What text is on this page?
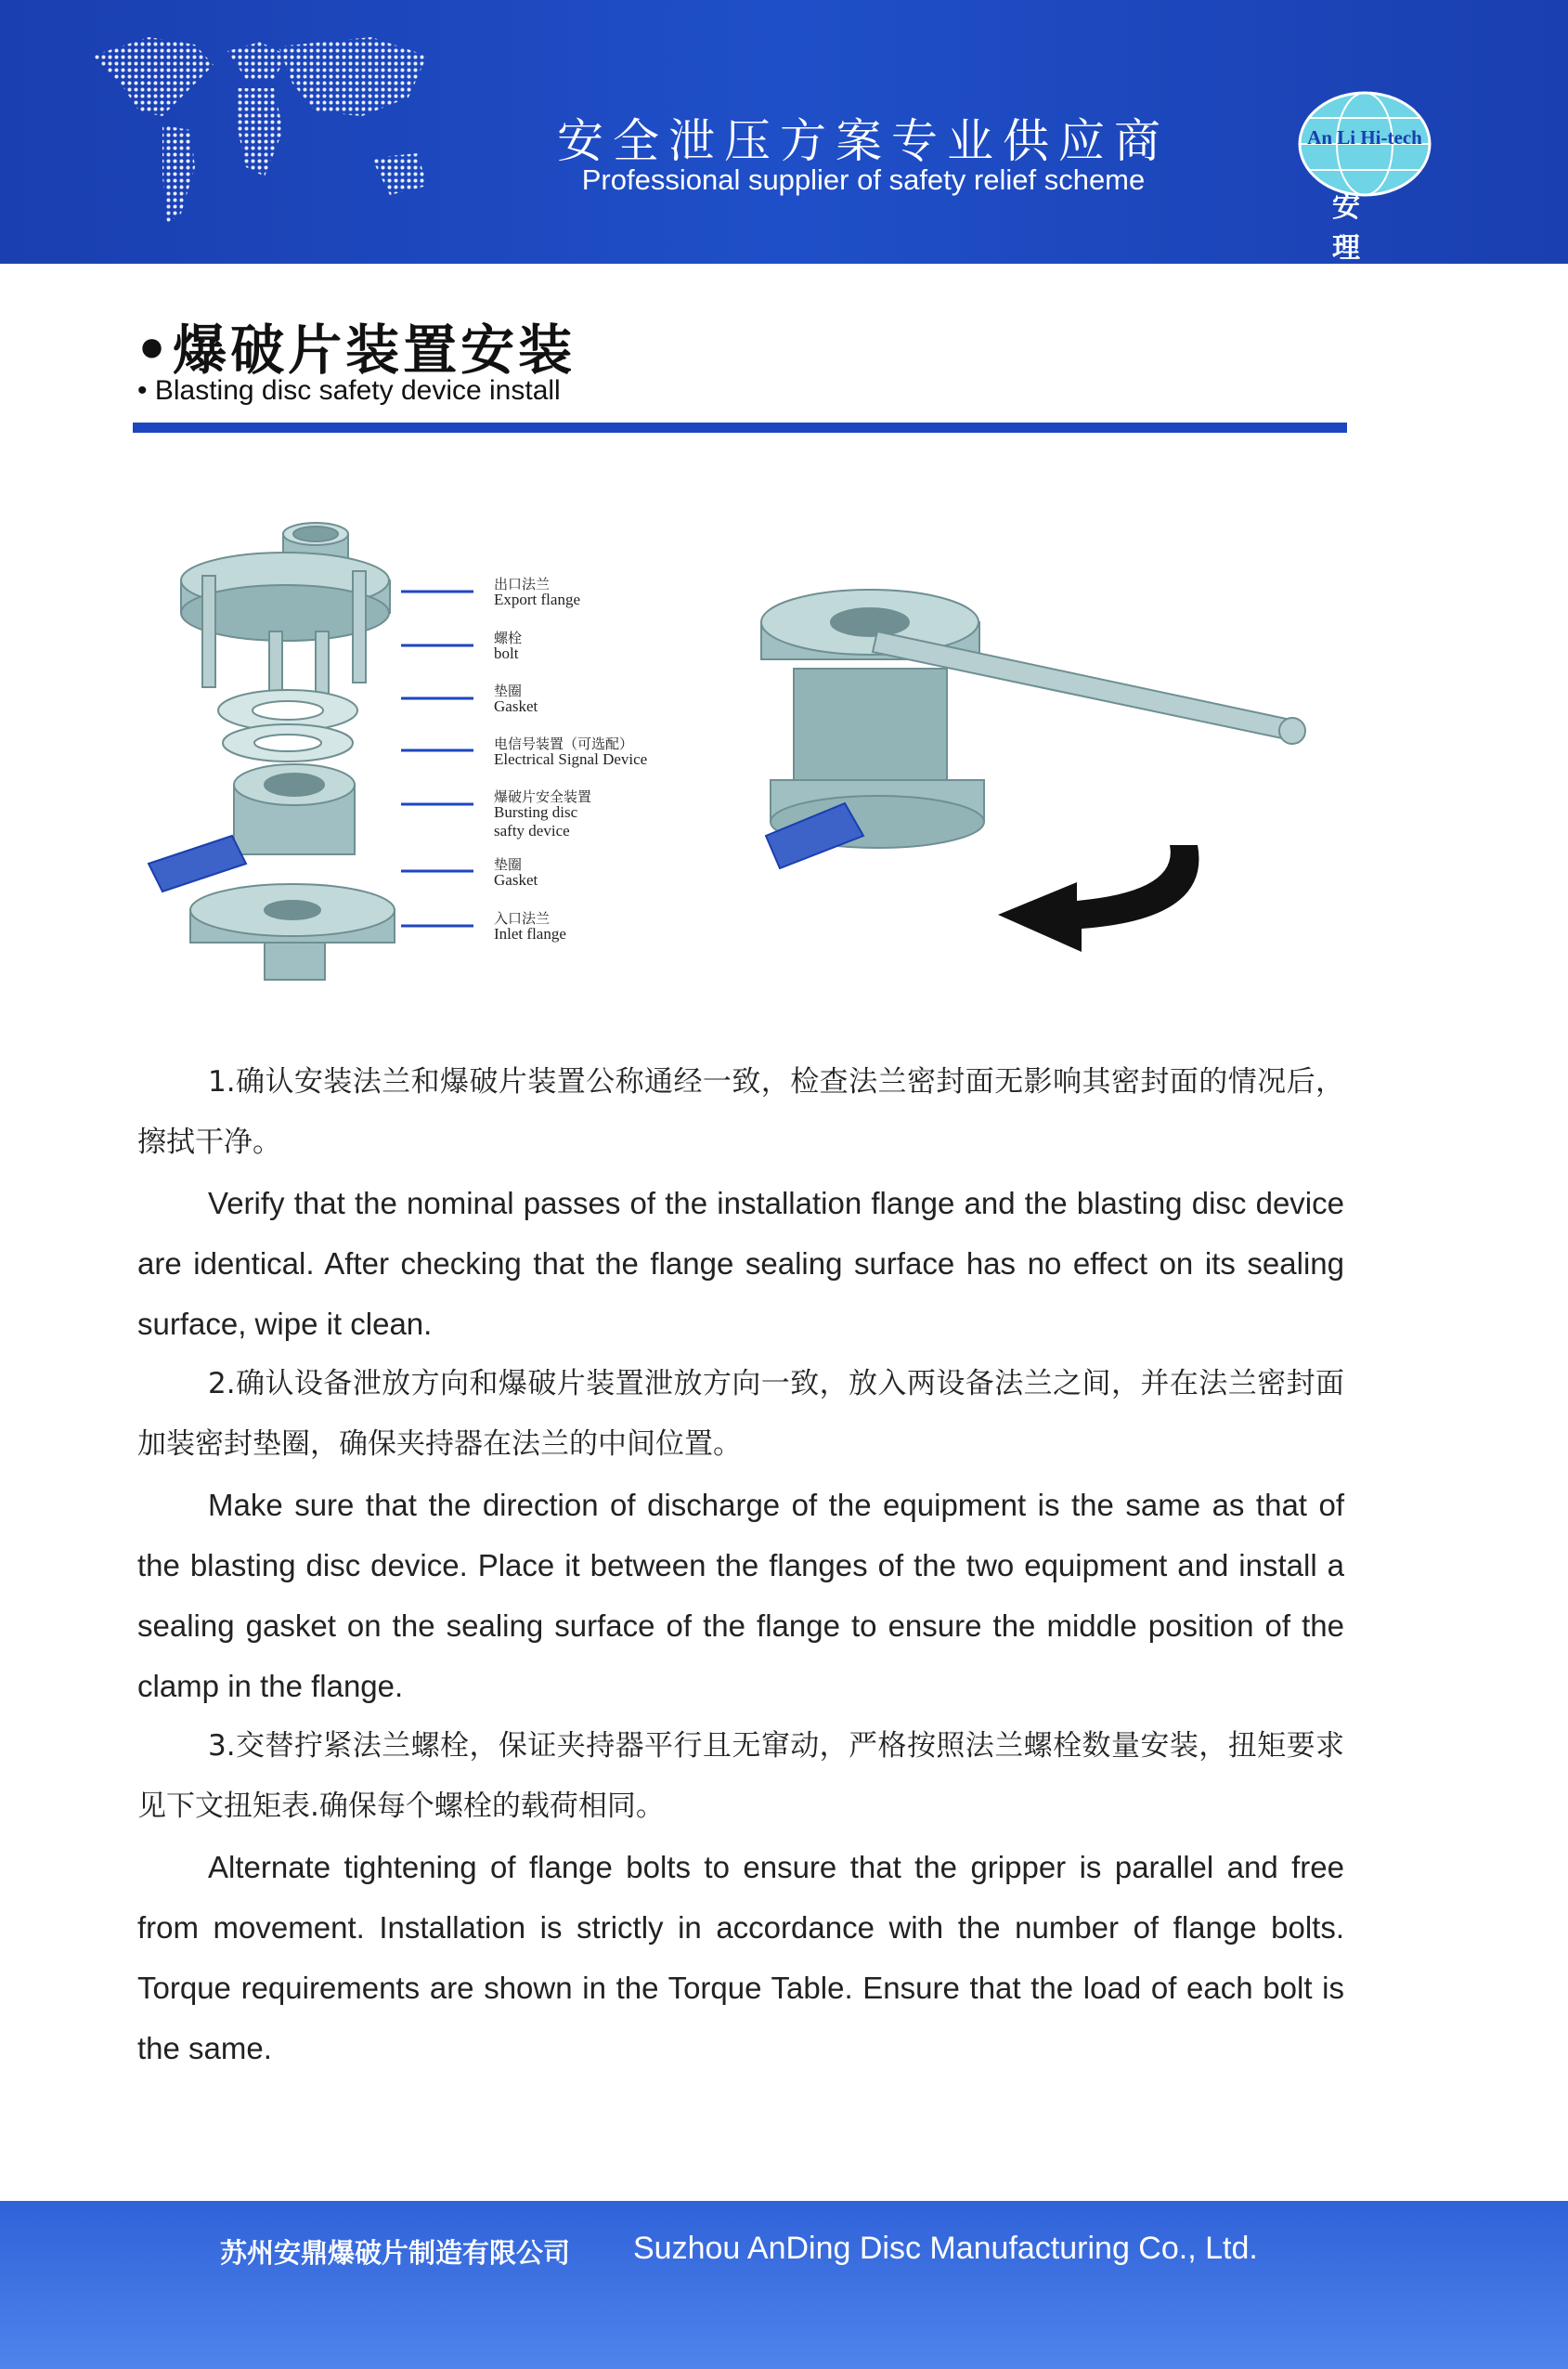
安全泄压方案专业供应商
Professional supplier of safety relief scheme
An Li Hi-tech
安 理
•爆破片装置安装
• Blasting disc safety device install
出口法兰
Export flange
螺栓
bolt
垫圈
Gasket
电信号装置（可选配）
Electrical Signal Device
爆破片安全装置
Bursting disc
safty device
垫圈
Gasket
入口法兰
Inlet flange

1.确认安装法兰和爆破片装置公称通经一致，检查法兰密封面无影响其密封面的情况后，擦拭干净。

Verify that the nominal passes of the installation flange and the blasting disc device are identical. After checking that the flange sealing surface has no effect on its sealing surface, wipe it clean.

2.确认设备泄放方向和爆破片装置泄放方向一致，放入两设备法兰之间，并在法兰密封面加装密封垫圈，确保夹持器在法兰的中间位置。

Make sure that the direction of discharge of the equipment is the same as that of the blasting disc device. Place it between the flanges of the two equipment and install a sealing gasket on the sealing surface of the flange to ensure the middle position of the clamp in the flange.

3.交替拧紧法兰螺栓，保证夹持器平行且无窜动，严格按照法兰螺栓数量安装，扭矩要求见下文扭矩表.确保每个螺栓的载荷相同。

Alternate tightening of flange bolts to ensure that the gripper is parallel and free from movement. Installation is strictly in accordance with the number of flange bolts. Torque requirements are shown in the Torque Table. Ensure that the load of each bolt is the same.

苏州安鼎爆破片制造有限公司 Suzhou AnDing Disc Manufacturing Co., Ltd.
